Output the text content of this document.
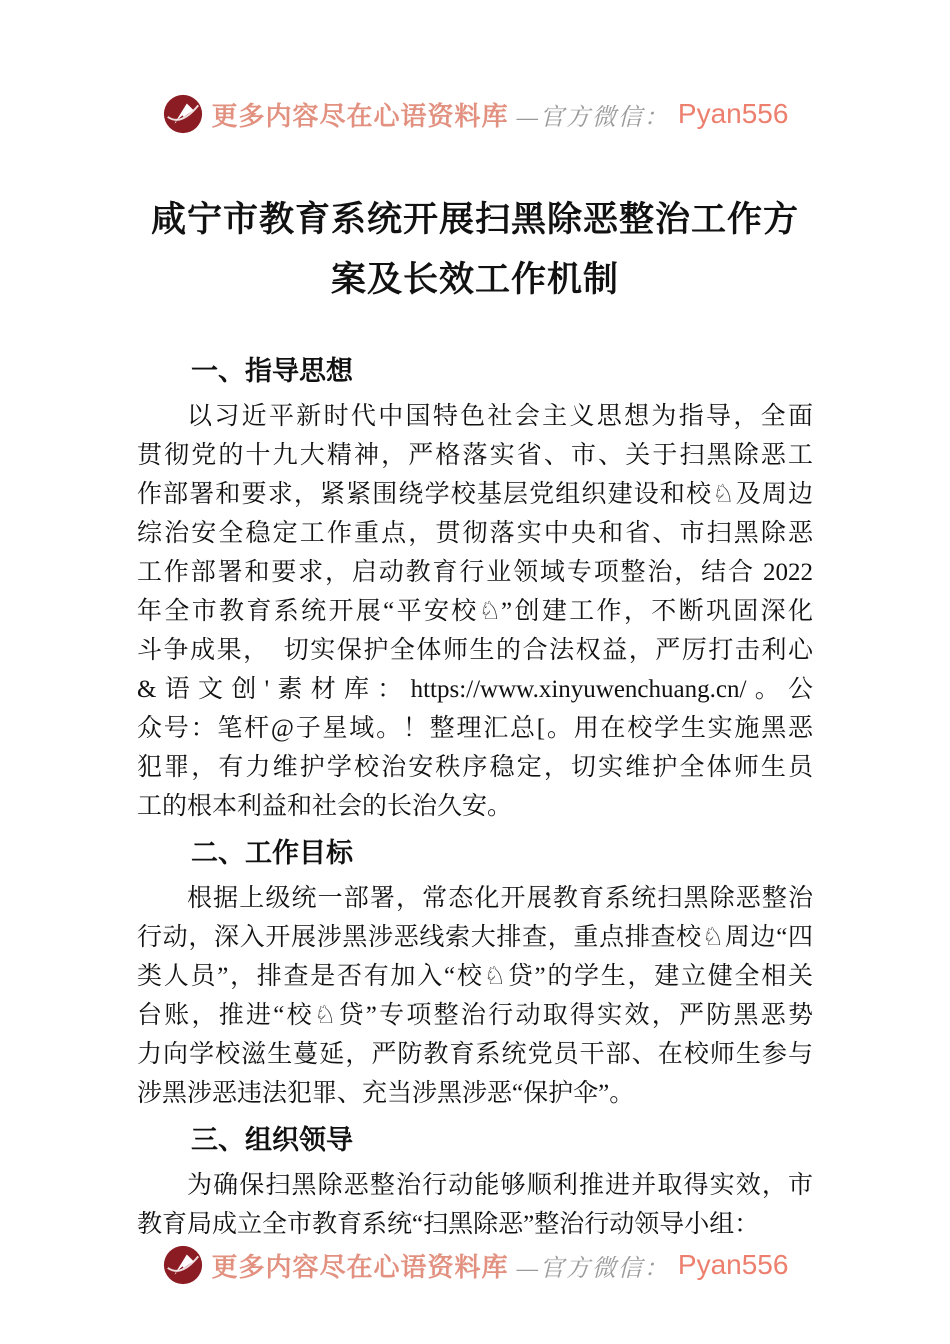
更多内容尽在心语资料库 —官方微信： Pyan556
咸宁市教育系统开展扫黑除恶整治工作方
案及长效工作机制
一、指导思想
以习近平新时代中国特色社会主义思想为指导，全面
贯彻党的十九大精神，严格落实省、市、关于扫黑除恶工
作部署和要求，紧紧围绕学校基层党组织建设和校♘及周边
综治安全稳定工作重点，贯彻落实中央和省、市扫黑除恶
工作部署和要求，启动教育行业领域专项整治，结合 2022
年全市教育系统开展“平安校♘”创建工作，不断巩固深化
斗争成果，　切实保护全体师生的合法权益，严厉打击利心
&语文创'素材库：https://www.xinyuwenchuang.cn/。公
众号：笔杆@子星域。！整理汇总[。用在校学生实施黑恶
犯罪，有力维护学校治安秩序稳定，切实维护全体师生员
工的根本利益和社会的长治久安。
二、工作目标
根据上级统一部署，常态化开展教育系统扫黑除恶整治
行动，深入开展涉黑涉恶线索大排查，重点排查校♘周边“四
类人员”，排查是否有加入“校♘贷”的学生，建立健全相关
台账，推进“校♘贷”专项整治行动取得实效，严防黑恶势
力向学校滋生蔓延，严防教育系统党员干部、在校师生参与
涉黑涉恶违法犯罪、充当涉黑涉恶“保护伞”。
三、组织领导
为确保扫黑除恶整治行动能够顺利推进并取得实效，市
教育局成立全市教育系统“扫黑除恶”整治行动领导小组：
更多内容尽在心语资料库 —官方微信： Pyan556
